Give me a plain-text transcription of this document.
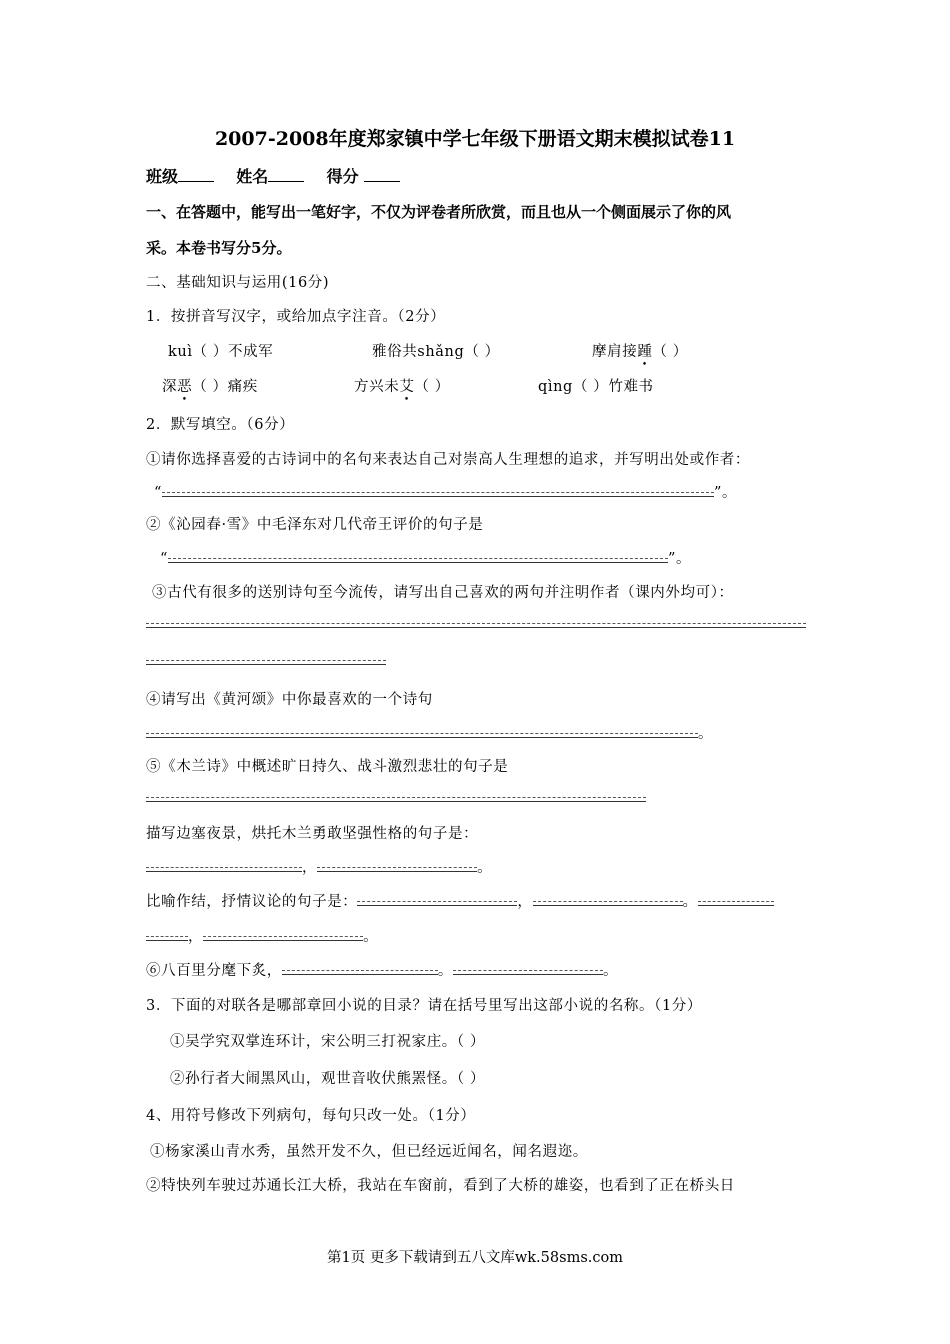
2007-2008年度郑家镇中学七年级下册语文期末模拟试卷11
班级	姓名	得分
一、在答题中，能写出一笔好字，不仅为评卷者所欣赏，而且也从一个侧面展示了你的风
采。本卷书写分5分。
二、基础知识与运用(16分)
1．按拼音写汉字，或给加点字注音。（2分）
kuì（ ）不成军	雅俗共shǎng（ ）	摩肩接踵（ ）
深恶（ ）痛疾	方兴未艾（ ）	qìng（ ）竹难书
2．默写填空。（6分）
①请你选择喜爱的古诗词中的名句来表达自己对崇高人生理想的追求，并写明出处或作者：
“	”。
②《沁园春·雪》中毛泽东对几代帝王评价的句子是
“	”。
③古代有很多的送别诗句至今流传，请写出自己喜欢的两句并注明作者（课内外均可）：
④请写出《黄河颂》中你最喜欢的一个诗句
。
⑤《木兰诗》中概述旷日持久、战斗激烈悲壮的句子是
描写边塞夜景，烘托木兰勇敢坚强性格的句子是：
，	。
比喻作结，抒情议论的句子是：	，	。
，	。
⑥八百里分麾下炙，	。	。
3．下面的对联各是哪部章回小说的目录？请在括号里写出这部小说的名称。（1分）
①吴学究双掌连环计，宋公明三打祝家庄。（ ）
②孙行者大闹黑风山，观世音收伏熊罴怪。（ ）
4、用符号修改下列病句，每句只改一处。（1分）
①杨家溪山青水秀，虽然开发不久，但已经远近闻名，闻名遐迩。
②特快列车驶过苏通长江大桥，我站在车窗前，看到了大桥的雄姿，也看到了正在桥头日
第1页 更多下载请到五八文库wk.58sms.com
